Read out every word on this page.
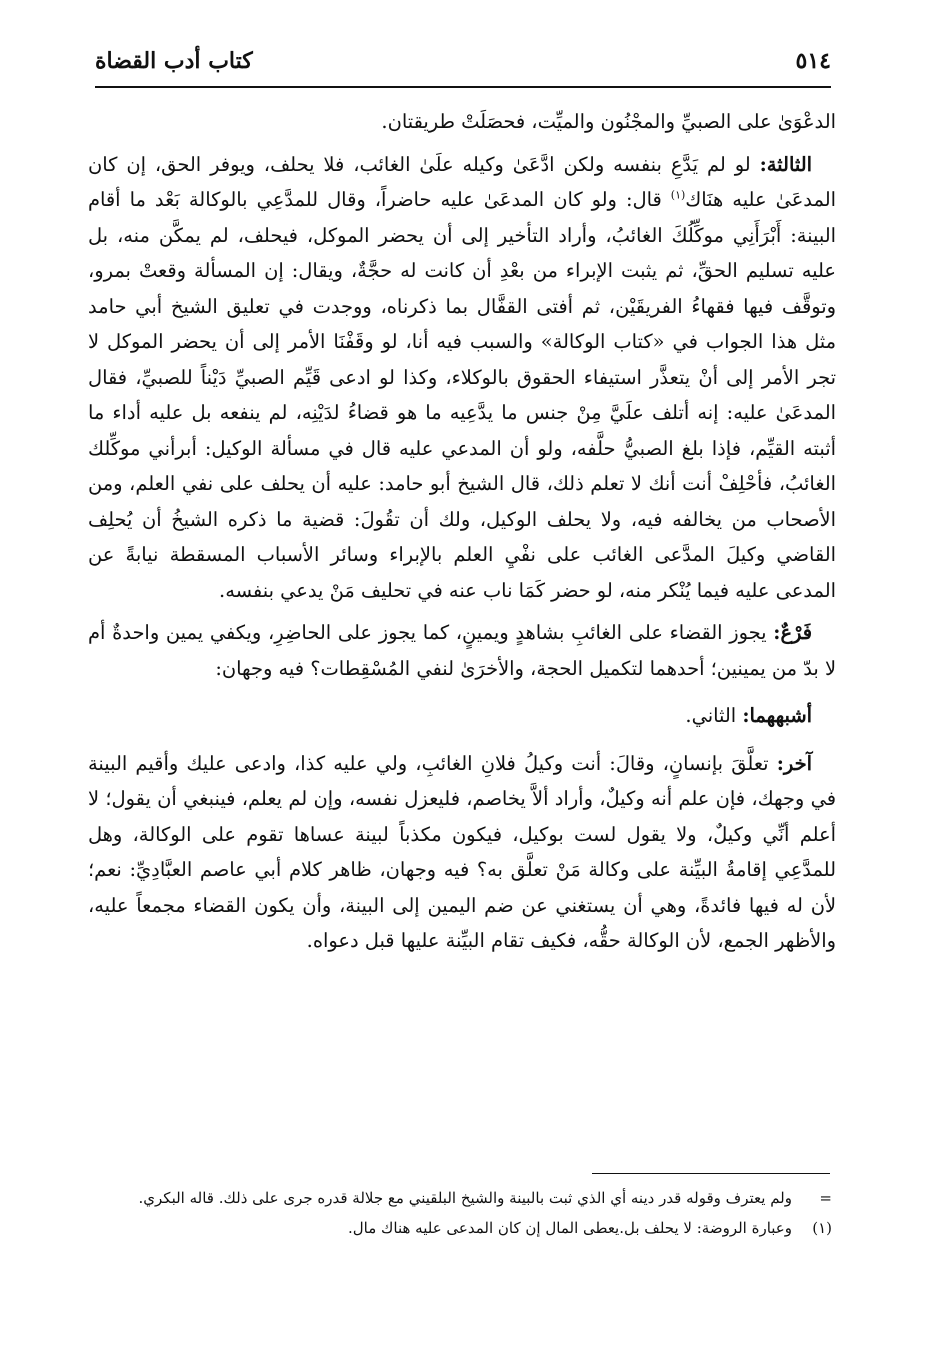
٥١٤
كتاب أدب القضاة

الدعْوَىٰ على الصبيِّ والمجْنُون والميِّت، فحصَلَتْ طريقتان.

الثالثة: لو لم يَدَّعِ بنفسه ولكن ادَّعَىٰ وكيله علَىٰ الغائب، فلا يحلف، ويوفر الحق، إن كان المدعَىٰ عليه هنَاك$^{(١)}$ قال: ولو كان المدعَىٰ عليه حاضراً، وقال للمدَّعِي بالوكالة بَعْد ما أقام البينة: أَبْرَأَنِي موكِّلُكَ الغائبُ، وأراد التأخير إلى أن يحضر الموكل، فيحلف، لم يمكَّن منه، بل عليه تسليم الحقِّ، ثم يثبت الإبراء من بعْدِ أن كانت له حجَّةٌ، ويقال: إن المسألة وقعتْ بمرو، وتوقَّف فيها فقهاءُ الفريقَيْن، ثم أفتى القفَّال بما ذكرناه، ووجدت في تعليق الشيخ أبي حامد مثل هذا الجواب في «كتاب الوكالة» والسبب فيه أنا، لو وقَفْنَا الأمر إلى أن يحضر الموكل لا تجر الأمر إلى أنْ يتعذَّر استيفاء الحقوق بالوكلاء، وكذا لو ادعى قَيِّم الصبيِّ دَيْناً للصبيِّ، فقال المدعَىٰ عليه: إنه أتلف علَيَّ مِنْ جنس ما يدَّعِيه ما هو قضاءُ لدَيْنِه، لم ينفعه بل عليه أداء ما أثبته القيِّم، فإذا بلغ الصبيُّ حلَّفه، ولو أن المدعي عليه قال في مسألة الوكيل: أبرأني موكِّلك الغائبُ، فأحْلِفْ أنت أنك لا تعلم ذلك، قال الشيخ أبو حامد: عليه أن يحلف على نفي العلم، ومن الأصحاب من يخالفه فيه، ولا يحلف الوكيل، ولك أن تقُولَ: قضية ما ذكره الشيخُ أن يُحلِف القاضي وكيلَ المدَّعى الغائب على نفْيِ العلم بالإبراء وسائر الأسباب المسقطة نيابةً عن المدعى عليه فيما يُنْكر منه، لو حضر كَمَا ناب عنه في تحليف مَنْ يدعي بنفسه.

فَرْعٌ: يجوز القضاء على الغائبِ بشاهدٍ ويمينٍ، كما يجوز على الحاضِرِ، ويكفي يمين واحدةٌ أم لا بدّ من يمينين؛ أحدهما لتكميل الحجة، والأخرَىٰ لنفي المُسْقِطات؟ فيه وجهان:

أشبههما: الثاني.

آخر: تعلَّقَ بإنسانٍ، وقالَ: أنت وكيلُ فلانِ الغائبِ، ولي عليه كذا، وادعى عليك وأقيم البينة في وجهك، فإن علم أنه وكيلٌ، وأراد ألاَّ يخاصم، فليعزل نفسه، وإن لم يعلم، فينبغي أن يقول؛ لا أعلم أنِّي وكيلٌ، ولا يقول لست بوكيل، فيكون مكذباً لبينة عساها تقوم على الوكالة، وهل للمدَّعِي إقامةُ البيِّنة على وكالة مَنْ تعلَّق به؟ فيه وجهان، ظاهر كلام أبي عاصم العبَّادِيِّ: نعم؛ لأن له فيها فائدةً، وهي أن يستغني عن ضم اليمين إلى البينة، وأن يكون القضاء مجمعاً عليه، والأظهر الجمع، لأن الوكالة حقُّه، فكيف تقام البيِّنة عليها قبل دعواه.

=
ولم يعترف وقوله قدر دينه أي الذي ثبت بالبينة والشيخ البلقيني مع جلالة قدره جرى على ذلك. قاله البكري.
(١)
وعبارة الروضة: لا يحلف بل.يعطى المال إن كان المدعى عليه هناك مال.
